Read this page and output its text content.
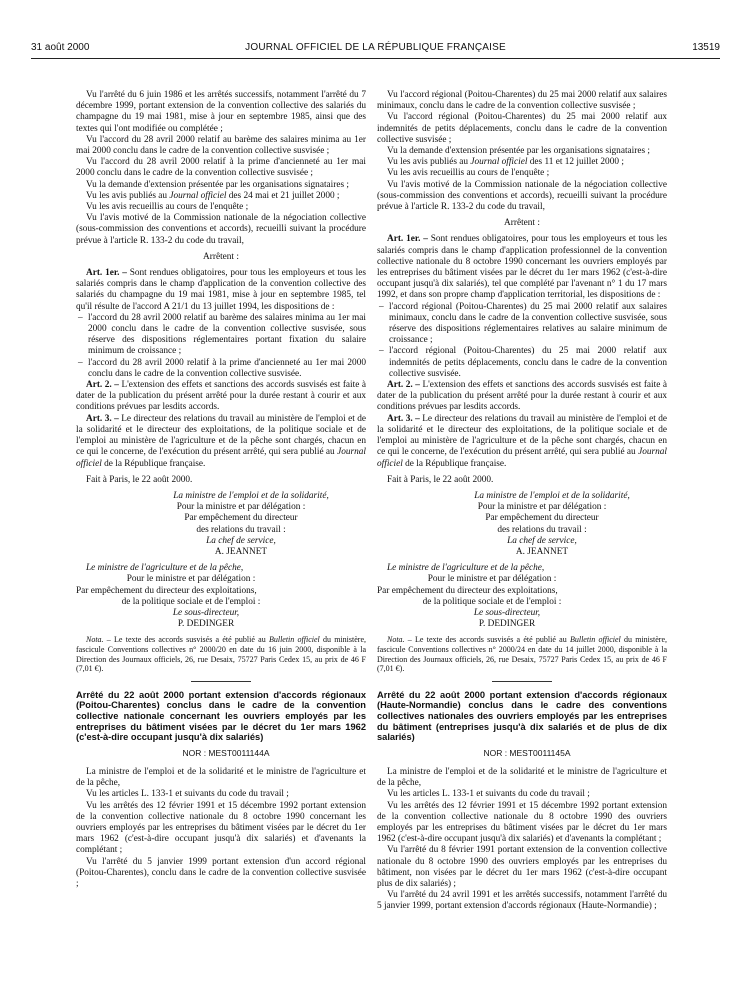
31 août 2000	JOURNAL OFFICIEL DE LA RÉPUBLIQUE FRANÇAISE	13519

Vu l'arrêté du 6 juin 1986 et les arrêtés successifs, notamment l'arrêté du 7 décembre 1999, portant extension de la convention collective des salariés du champagne du 19 mai 1981, mise à jour en septembre 1985, ainsi que des textes qui l'ont modifiée ou complétée ;

Vu l'accord du 28 avril 2000 relatif au barème des salaires minima au 1er mai 2000 conclu dans le cadre de la convention collective susvisée ;

Vu l'accord du 28 avril 2000 relatif à la prime d'ancienneté au 1er mai 2000 conclu dans le cadre de la convention collective susvisée ;

Vu la demande d'extension présentée par les organisations signataires ;

Vu les avis publiés au Journal officiel des 24 mai et 21 juillet 2000 ;

Vu les avis recueillis au cours de l'enquête ;

Vu l'avis motivé de la Commission nationale de la négociation collective (sous-commission des conventions et accords), recueilli suivant la procédure prévue à l'article R. 133-2 du code du travail,

Arrêtent :

Art. 1er. – Sont rendues obligatoires, pour tous les employeurs et tous les salariés compris dans le champ d'application de la convention collective des salariés du champagne du 19 mai 1981, mise à jour en septembre 1985, tel qu'il résulte de l'accord A 21/1 du 13 juillet 1994, les dispositions de :

– l'accord du 28 avril 2000 relatif au barème des salaires minima au 1er mai 2000 conclu dans le cadre de la convention collective susvisée, sous réserve des dispositions réglementaires portant fixation du salaire minimum de croissance ;
– l'accord du 28 avril 2000 relatif à la prime d'ancienneté au 1er mai 2000 conclu dans le cadre de la convention collective susvisée.

Art. 2. – L'extension des effets et sanctions des accords susvisés est faite à dater de la publication du présent arrêté pour la durée restant à courir et aux conditions prévues par lesdits accords.

Art. 3. – Le directeur des relations du travail au ministère de l'emploi et de la solidarité et le directeur des exploitations, de la politique sociale et de l'emploi au ministère de l'agriculture et de la pêche sont chargés, chacun en ce qui le concerne, de l'exécution du présent arrêté, qui sera publié au Journal officiel de la République française.

Fait à Paris, le 22 août 2000.

La ministre de l'emploi et de la solidarité,

Pour la ministre et par délégation :

Par empêchement du directeur

des relations du travail :

La chef de service,

A. JEANNET

Le ministre de l'agriculture et de la pêche,

Pour le ministre et par délégation :

Par empêchement du directeur des exploitations,

de la politique sociale et de l'emploi :

Le sous-directeur,

P. DEDINGER

Nota. – Le texte des accords susvisés a été publié au Bulletin officiel du ministère, fascicule Conventions collectives n° 2000/20 en date du 16 juin 2000, disponible à la Direction des Journaux officiels, 26, rue Desaix, 75727 Paris Cedex 15, au prix de 46 F (7,01 €).

Arrêté du 22 août 2000 portant extension d'accords régionaux (Poitou-Charentes) conclus dans le cadre de la convention collective nationale concernant les ouvriers employés par les entreprises du bâtiment visées par le décret du 1er mars 1962 (c'est-à-dire occupant jusqu'à dix salariés)

NOR : MEST0011144A

La ministre de l'emploi et de la solidarité et le ministre de l'agriculture et de la pêche,

Vu les articles L. 133-1 et suivants du code du travail ;

Vu les arrêtés des 12 février 1991 et 15 décembre 1992 portant extension de la convention collective nationale du 8 octobre 1990 concernant les ouvriers employés par les entreprises du bâtiment visées par le décret du 1er mars 1962 (c'est-à-dire occupant jusqu'à dix salariés) et d'avenants la complétant ;

Vu l'arrêté du 5 janvier 1999 portant extension d'un accord régional (Poitou-Charentes), conclu dans le cadre de la convention collective susvisée ;

Vu l'accord régional (Poitou-Charentes) du 25 mai 2000 relatif aux salaires minimaux, conclu dans le cadre de la convention collective susvisée ;

Vu l'accord régional (Poitou-Charentes) du 25 mai 2000 relatif aux indemnités de petits déplacements, conclu dans le cadre de la convention collective susvisée ;

Vu la demande d'extension présentée par les organisations signataires ;

Vu les avis publiés au Journal officiel des 11 et 12 juillet 2000 ;

Vu les avis recueillis au cours de l'enquête ;

Vu l'avis motivé de la Commission nationale de la négociation collective (sous-commission des conventions et accords), recueilli suivant la procédure prévue à l'article R. 133-2 du code du travail,

Arrêtent :

Art. 1er. – Sont rendues obligatoires, pour tous les employeurs et tous les salariés compris dans le champ d'application professionnel de la convention collective nationale du 8 octobre 1990 concernant les ouvriers employés par les entreprises du bâtiment visées par le décret du 1er mars 1962 (c'est-à-dire occupant jusqu'à dix salariés), tel que complété par l'avenant n° 1 du 17 mars 1992, et dans son propre champ d'application territorial, les dispositions de :

– l'accord régional (Poitou-Charentes) du 25 mai 2000 relatif aux salaires minimaux, conclu dans le cadre de la convention collective susvisée, sous réserve des dispositions réglementaires relatives au salaire minimum de croissance ;
– l'accord régional (Poitou-Charentes) du 25 mai 2000 relatif aux indemnités de petits déplacements, conclu dans le cadre de la convention collective susvisée.

Art. 2. – L'extension des effets et sanctions des accords susvisés est faite à dater de la publication du présent arrêté pour la durée restant à courir et aux conditions prévues par lesdits accords.

Art. 3. – Le directeur des relations du travail au ministère de l'emploi et de la solidarité et le directeur des exploitations, de la politique sociale et de l'emploi au ministère de l'agriculture et de la pêche sont chargés, chacun en ce qui le concerne, de l'exécution du présent arrêté, qui sera publié au Journal officiel de la République française.

Fait à Paris, le 22 août 2000.

La ministre de l'emploi et de la solidarité,

Pour la ministre et par délégation :

Par empêchement du directeur

des relations du travail :

La chef de service,

A. JEANNET

Le ministre de l'agriculture et de la pêche,

Pour le ministre et par délégation :

Par empêchement du directeur des exploitations,

de la politique sociale et de l'emploi :

Le sous-directeur,

P. DEDINGER

Nota. – Le texte des accords susvisés a été publié au Bulletin officiel du ministère, fascicule Conventions collectives n° 2000/24 en date du 14 juillet 2000, disponible à la Direction des Journaux officiels, 26, rue Desaix, 75727 Paris Cedex 15, au prix de 46 F (7,01 €).

Arrêté du 22 août 2000 portant extension d'accords régionaux (Haute-Normandie) conclus dans le cadre des conventions collectives nationales des ouvriers employés par les entreprises du bâtiment (entreprises jusqu'à dix salariés et de plus de dix salariés)

NOR : MEST0011145A

La ministre de l'emploi et de la solidarité et le ministre de l'agriculture et de la pêche,

Vu les articles L. 133-1 et suivants du code du travail ;

Vu les arrêtés des 12 février 1991 et 15 décembre 1992 portant extension de la convention collective nationale du 8 octobre 1990 des ouvriers employés par les entreprises du bâtiment visées par le décret du 1er mars 1962 (c'est-à-dire occupant jusqu'à dix salariés) et d'avenants la complétant ;

Vu l'arrêté du 8 février 1991 portant extension de la convention collective nationale du 8 octobre 1990 des ouvriers employés par les entreprises du bâtiment, non visées par le décret du 1er mars 1962 (c'est-à-dire occupant plus de dix salariés) ;

Vu l'arrêté du 24 avril 1991 et les arrêtés successifs, notamment l'arrêté du 5 janvier 1999, portant extension d'accords régionaux (Haute-Normandie) ;
